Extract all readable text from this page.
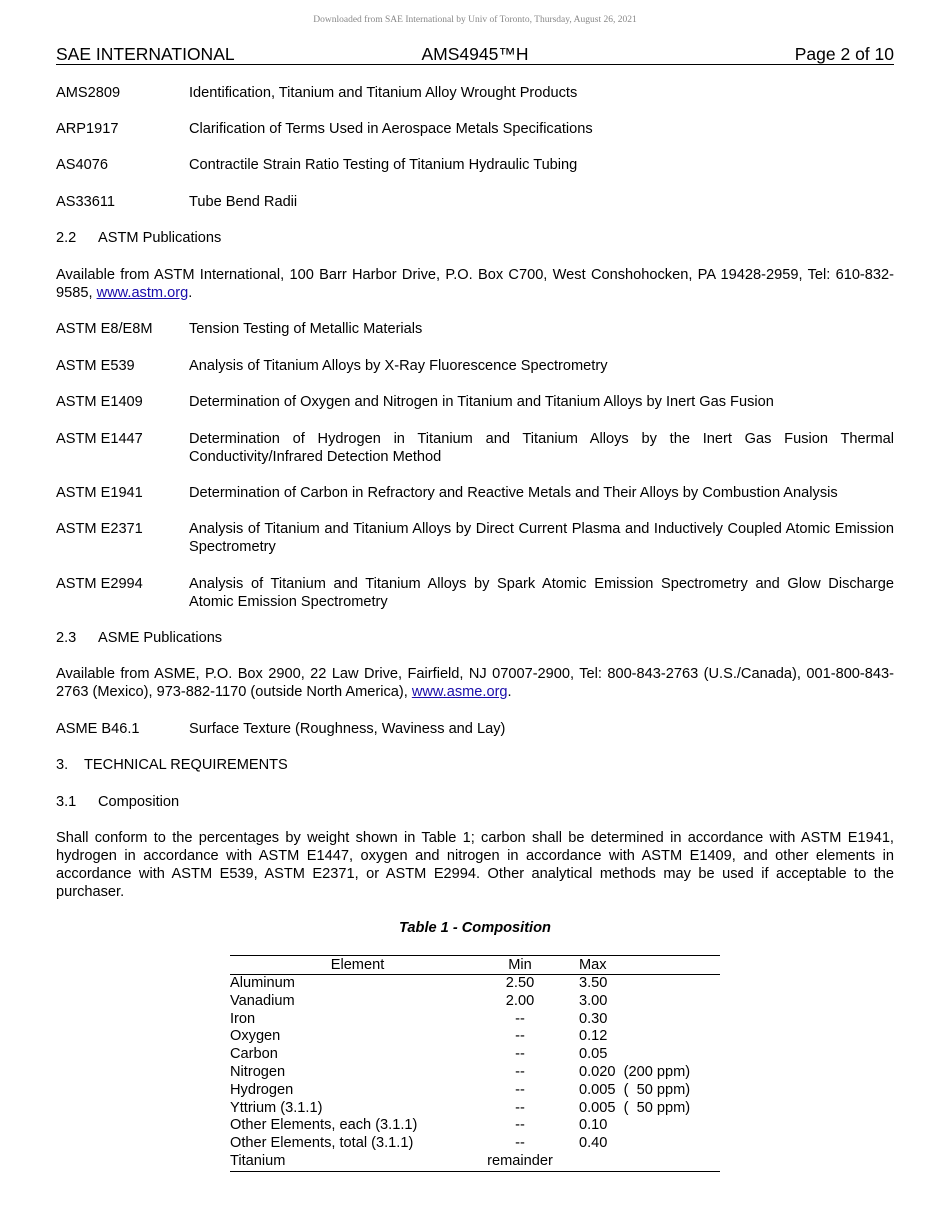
Downloaded from SAE International by Univ of Toronto, Thursday, August 26, 2021
SAE INTERNATIONAL	AMS4945™H	Page 2 of 10
AMS2809	Identification, Titanium and Titanium Alloy Wrought Products
ARP1917	Clarification of Terms Used in Aerospace Metals Specifications
AS4076	Contractile Strain Ratio Testing of Titanium Hydraulic Tubing
AS33611	Tube Bend Radii
2.2 ASTM Publications
Available from ASTM International, 100 Barr Harbor Drive, P.O. Box C700, West Conshohocken, PA 19428-2959, Tel: 610-832-9585, www.astm.org.
ASTM E8/E8M Tension Testing of Metallic Materials
ASTM E539	Analysis of Titanium Alloys by X-Ray Fluorescence Spectrometry
ASTM E1409	Determination of Oxygen and Nitrogen in Titanium and Titanium Alloys by Inert Gas Fusion
ASTM E1447	Determination of Hydrogen in Titanium and Titanium Alloys by the Inert Gas Fusion Thermal Conductivity/Infrared Detection Method
ASTM E1941	Determination of Carbon in Refractory and Reactive Metals and Their Alloys by Combustion Analysis
ASTM E2371	Analysis of Titanium and Titanium Alloys by Direct Current Plasma and Inductively Coupled Atomic Emission Spectrometry
ASTM E2994	Analysis of Titanium and Titanium Alloys by Spark Atomic Emission Spectrometry and Glow Discharge Atomic Emission Spectrometry
2.3 ASME Publications
Available from ASME, P.O. Box 2900, 22 Law Drive, Fairfield, NJ 07007-2900, Tel: 800-843-2763 (U.S./Canada), 001-800-843-2763 (Mexico), 973-882-1170 (outside North America), www.asme.org.
ASME B46.1	Surface Texture (Roughness, Waviness and Lay)
3. TECHNICAL REQUIREMENTS
3.1 Composition
Shall conform to the percentages by weight shown in Table 1; carbon shall be determined in accordance with ASTM E1941, hydrogen in accordance with ASTM E1447, oxygen and nitrogen in accordance with ASTM E1409, and other elements in accordance with ASTM E539, ASTM E2371, or ASTM E2994. Other analytical methods may be used if acceptable to the purchaser.
Table 1 - Composition
Element	Min	Max
Aluminum	2.50	3.50
Vanadium	2.00	3.00
Iron	--	0.30
Oxygen	--	0.12
Carbon	--	0.05
Nitrogen	--	0.020  (200 ppm)
Hydrogen	--	0.005  (  50 ppm)
Yttrium (3.1.1)	--	0.005  (  50 ppm)
Other Elements, each (3.1.1)	--	0.10
Other Elements, total (3.1.1)	--	0.40
Titanium	remainder	
